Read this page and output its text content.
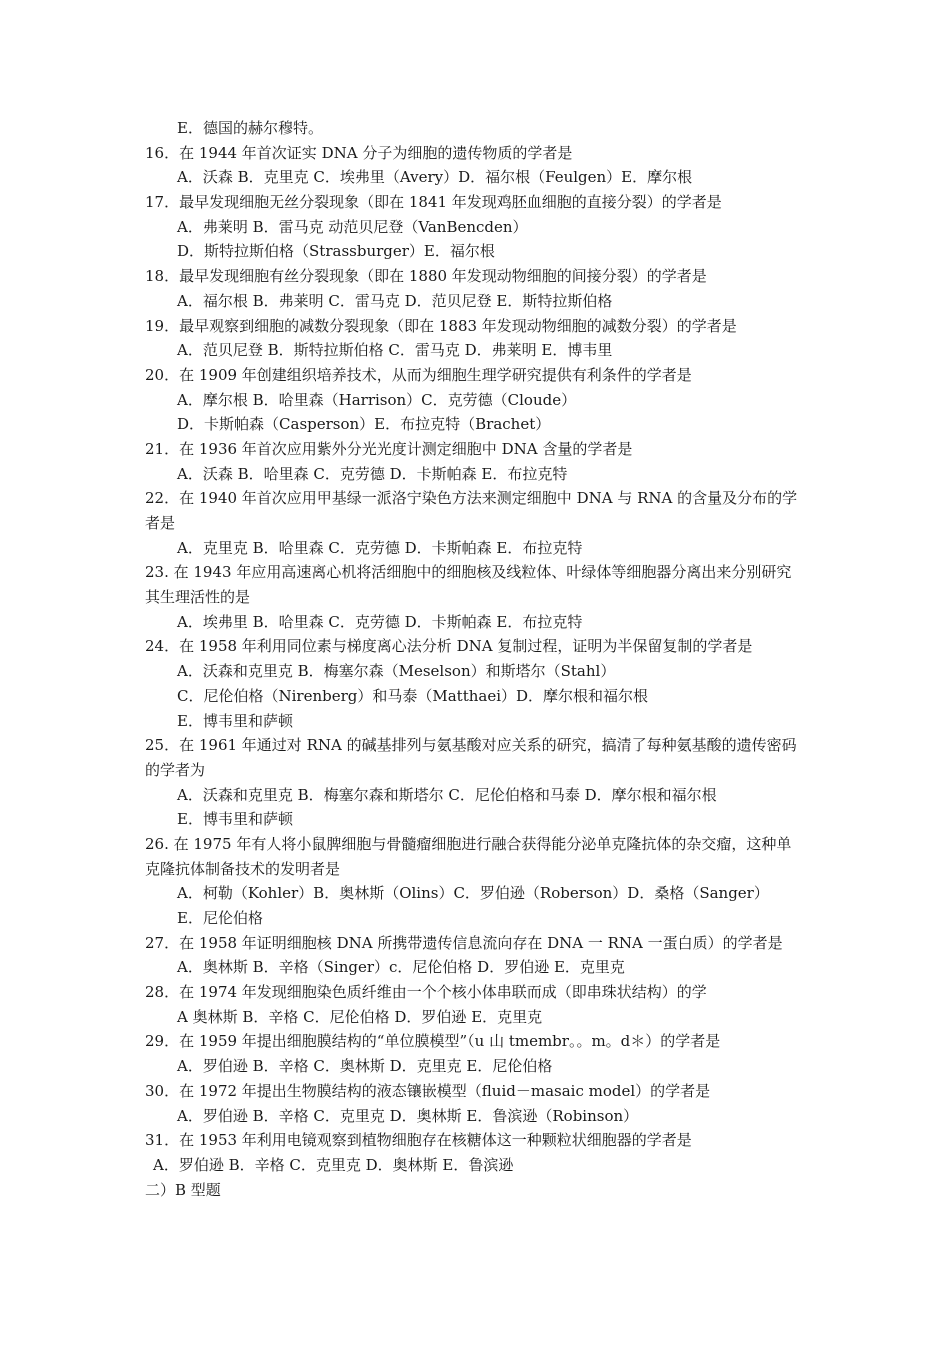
E．德国的赫尔穆特。
16．在 1944 年首次证实 DNA 分子为细胞的遗传物质的学者是
A．沃森 B．克里克 C．埃弗里（Avery）D．福尔根（Feulgen）E．摩尔根
17．最早发现细胞无丝分裂现象（即在 1841 年发现鸡胚血细胞的直接分裂）的学者是
A．弗莱明 B．雷马克 动范贝尼登（VanBencden）
D．斯特拉斯伯格（Strassburger）E．福尔根
18．最早发现细胞有丝分裂现象（即在 1880 年发现动物细胞的间接分裂）的学者是
A．福尔根 B．弗莱明 C．雷马克 D．范贝尼登 E．斯特拉斯伯格
19．最早观察到细胞的减数分裂现象（即在 1883 年发现动物细胞的减数分裂）的学者是
A．范贝尼登 B．斯特拉斯伯格 C．雷马克 D．弗莱明 E．博韦里
20．在 1909 年创建组织培养技术，从而为细胞生理学研究提供有利条件的学者是
A．摩尔根 B．哈里森（Harrison）C．克劳德（Cloude）
D．卡斯帕森（Casperson）E．布拉克特（Brachet）
21．在 1936 年首次应用紫外分光光度计测定细胞中 DNA 含量的学者是
A．沃森 B．哈里森 C．克劳德 D．卡斯帕森 E．布拉克特
22．在 1940 年首次应用甲基绿一派洛宁染色方法来测定细胞中 DNA 与 RNA 的含量及分布的学
者是
A．克里克 B．哈里森 C．克劳德 D．卡斯帕森 E．布拉克特
23. 在 1943 年应用高速离心机将活细胞中的细胞核及线粒体、叶绿体等细胞器分离出来分别研究
其生理活性的是
A．埃弗里 B．哈里森 C．克劳德 D．卡斯帕森 E．布拉克特
24．在 1958 年利用同位素与梯度离心法分析 DNA 复制过程，证明为半保留复制的学者是
A．沃森和克里克 B．梅塞尔森（Meselson）和斯塔尔（Stahl）
C．尼伦伯格（Nirenberg）和马泰（Matthaei）D．摩尔根和福尔根
E．博韦里和萨顿
25．在 1961 年通过对 RNA 的碱基排列与氨基酸对应关系的研究，搞清了每种氨基酸的遗传密码
的学者为
A．沃森和克里克 B．梅塞尔森和斯塔尔 C．尼伦伯格和马泰 D．摩尔根和福尔根
E．博韦里和萨顿
26. 在 1975 年有人将小鼠脾细胞与骨髓瘤细胞进行融合获得能分泌单克隆抗体的杂交瘤，这种单
克隆抗体制备技术的发明者是
A．柯勒（Kohler）B．奥林斯（Olins）C．罗伯逊（Roberson）D．桑格（Sanger）
E．尼伦伯格
27．在 1958 年证明细胞核 DNA 所携带遗传信息流向存在 DNA 一 RNA 一蛋白质）的学者是
A．奥林斯 B．辛格（Singer）c．尼伦伯格 D．罗伯逊 E．克里克
28．在 1974 年发现细胞染色质纤维由一个个核小体串联而成（即串珠状结构）的学
A 奥林斯 B．辛格 C．尼伦伯格 D．罗伯逊 E．克里克
29．在 1959 年提出细胞膜结构的“单位膜模型”（u 山 tmembr。。m。d＊）的学者是
A．罗伯逊 B．辛格 C．奥林斯 D．克里克 E．尼伦伯格
30．在 1972 年提出生物膜结构的液态镶嵌模型（fluid－masaic model）的学者是
A．罗伯逊 B．辛格 C．克里克 D．奥林斯 E．鲁滨逊（Robinson）
31．在 1953 年利用电镜观察到植物细胞存在核糖体这一种颗粒状细胞器的学者是
A．罗伯逊 B．辛格 C．克里克 D．奥林斯 E．鲁滨逊
二）B 型题
